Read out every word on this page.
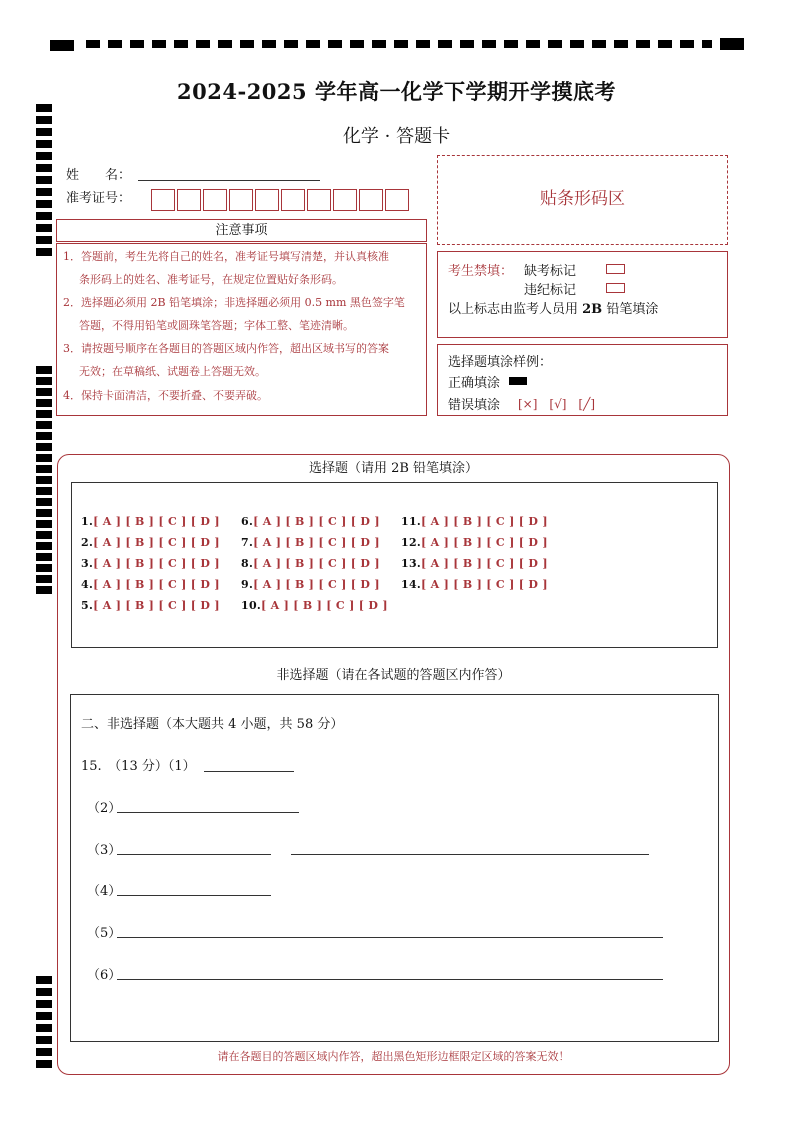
2024-2025 学年高一化学下学期开学摸底考
化学 · 答题卡
姓　　名：
准考证号：	贴条形码区
注意事项
1．答题前，考生先将自己的姓名，准考证号填写清楚，并认真核准
条形码上的姓名、准考证号，在规定位置贴好条形码。
2．选择题必须用 2B 铅笔填涂；非选择题必须用 0.5 mm 黑色签字笔
答题，不得用铅笔或圆珠笔答题；字体工整、笔迹清晰。
3．请按题号顺序在各题目的答题区域内作答，超出区域书写的答案
无效；在草稿纸、试题卷上答题无效。
4．保持卡面清洁，不要折叠、不要弄破。
考生禁填： 缺考标记
违纪标记
以上标志由监考人员用 2B 铅笔填涂
选择题填涂样例：
正确填涂
错误填涂 [×]　[√]　[╱]
选择题（请用 2B 铅笔填涂）
1.[ A ] [ B ] [ C ] [ D ]
2.[ A ] [ B ] [ C ] [ D ]
3.[ A ] [ B ] [ C ] [ D ]
4.[ A ] [ B ] [ C ] [ D ]
5.[ A ] [ B ] [ C ] [ D ]
6.[ A ] [ B ] [ C ] [ D ]
7.[ A ] [ B ] [ C ] [ D ]
8.[ A ] [ B ] [ C ] [ D ]
9.[ A ] [ B ] [ C ] [ D ]
10.[ A ] [ B ] [ C ] [ D ]
11.[ A ] [ B ] [ C ] [ D ]
12.[ A ] [ B ] [ C ] [ D ]
13.[ A ] [ B ] [ C ] [ D ]
14.[ A ] [ B ] [ C ] [ D ]
非选择题（请在各试题的答题区内作答）
二、非选择题（本大题共 4 小题，共 58 分）
15.　（13 分）（1）
（2）
（3）
（4）
（5）
（6）
请在各题目的答题区域内作答，超出黑色矩形边框限定区域的答案无效！
